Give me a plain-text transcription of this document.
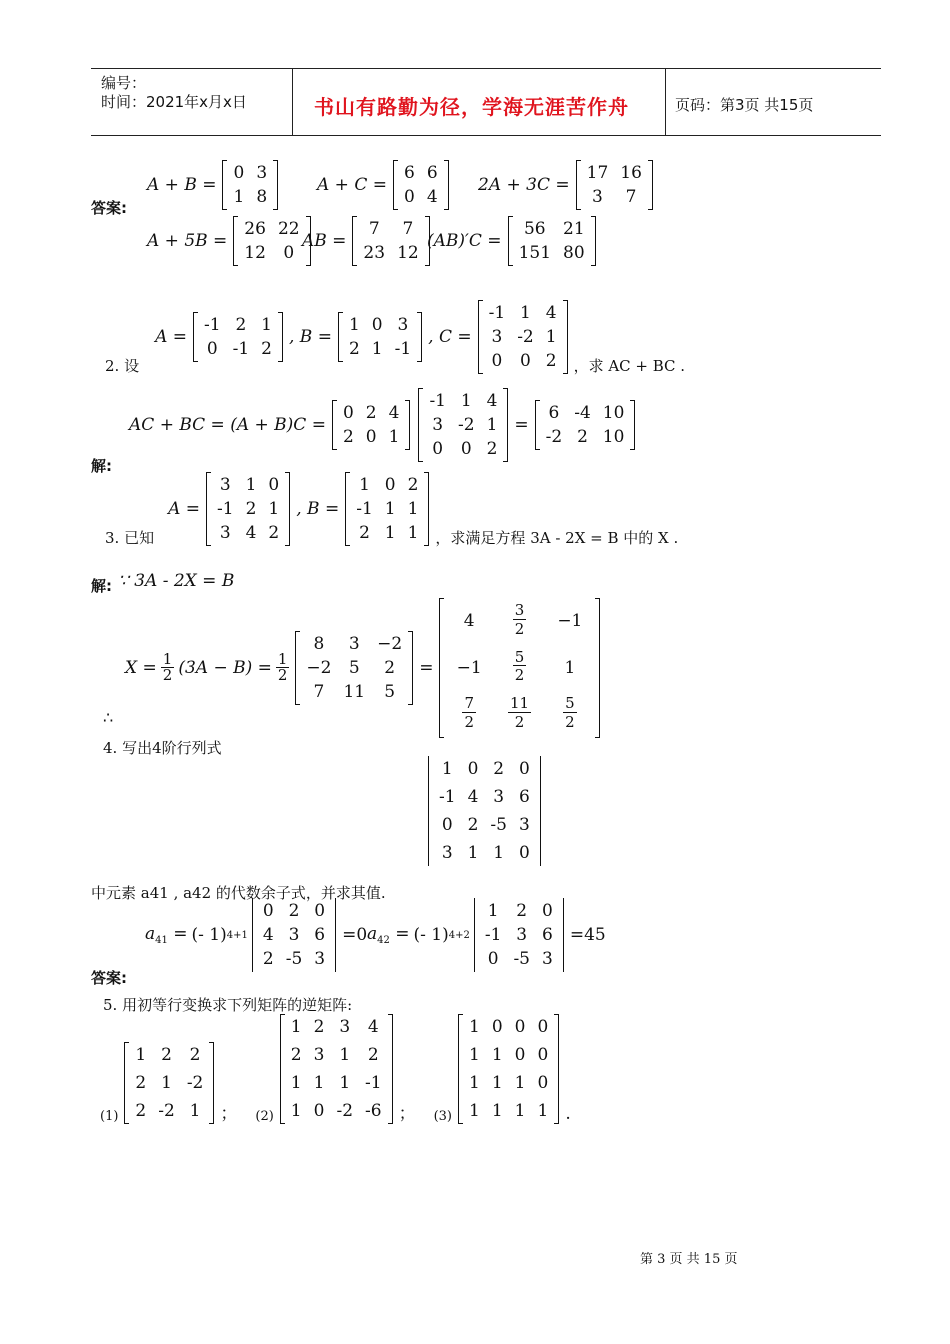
编号：
时间：2021年x月x日	书山有路勤为径，学海无涯苦作舟	页码：第3页 共15页
A + B =
0 3
1 8
A + C =
6 6
0 4
2A + 3C =
17 16
3	7
答案:
A + 5B =
26 22
12	0
AB =
7	7
23 12
(AB)′C =
56	21
151 80
2. 设
A =
-1 2 1
0 -1 2
, B =
1 0 3
2 1 -1
, C =
-1 1 4
3 -2 1
0	0 2	，求 AC + BC .
AC + BC = (A + B)C =
0 2 4
2 0 1
-1 1 4
3 -2 1
0	0 2
=
6 -4 10
-2 2 10
解:
3. 已知
A =
3 1 0
-1 2 1
3 4 2
, B =
1 0 2
-1 1 1
2 1 1	，求满足方程 3A - 2X = B 中的 X .
解: ∵ 3A - 2X = B
$X = \frac{1}{2} (3A - B) = \frac{1}{2}$
8	3	−2
−2	5	2
7	11	5
=
4	$\frac{3}{2}$	−1
−1	$\frac{5}{2}$	1
$\frac{7}{2} \frac{11}{2} \frac{5}{2}$
∴
4. 写出4阶行列式
1 0 2 0
-1 4 3 6
0 2 -5 3
3 1 1 0
中元素 a41 , a42 的代数余子式，并求其值.
$a_{41}$ = (- 1) 4+1
0 2 0
4 3 6
2 -5 3
=0 $a_{42}$ = (- 1) 4+2
1	2 0
-1 3 6
0 -5 3
=45
答案:
5. 用初等行变换求下列矩阵的逆矩阵:
(1)
1 2	2
2 1 -2
2 -2 1	； (2)
1 2 3	4
2 3 1	2
1 1 1 -1
1 0 -2 -6	； (3)
1 0 0 0
1 1 0 0
1 1 1 0
1 1 1 1	.
第 3 页 共 15 页
